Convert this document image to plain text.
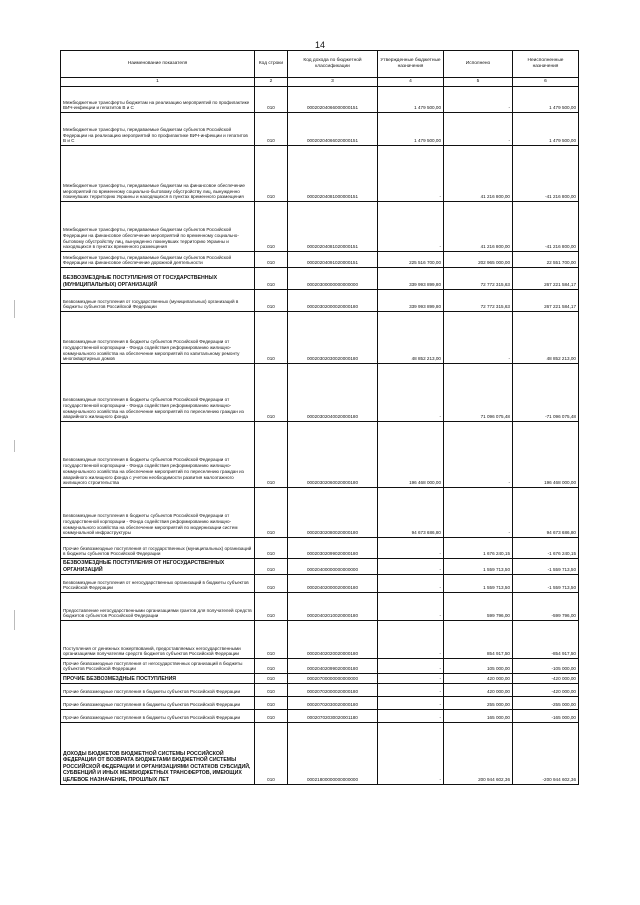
14
Наименование показателя	Код строки	Код дохода по бюджетной классификации	Утвержденные бюджетные назначения	Исполнено	Неисполненные назначения
1	2	3	4	5	6
Межбюджетные трансферты бюджетам на реализацию мероприятий по профилактике ВИЧ-инфекции и гепатитов В и С	010	00020204066000000151	1 479 500,00	-	1 479 500,00
Межбюджетные трансферты, передаваемые бюджетам субъектов Российской Федерации на реализацию мероприятий по профилактике ВИЧ-инфекции и гепатитов В и С	010	00020204066020000151	1 479 500,00	-	1 479 500,00
Межбюджетные трансферты, передаваемые бюджетам на финансовое обеспечение мероприятий по временному социально-бытовому обустройству лиц, вынужденно покинувших территорию Украины и находящихся в пунктах временного размещения	010	00020204081000000151	-	41 216 800,00	-41 216 800,00
Межбюджетные трансферты, передаваемые бюджетам субъектов Российской Федерации на финансовое обеспечение мероприятий по временному социально-бытовому обустройству лиц, вынужденно покинувших территорию Украины и находящихся в пунктах временного размещения	010	00020204081020000151	-	41 216 800,00	-41 216 800,00
Межбюджетные трансферты, передаваемые бюджетам субъектов Российской Федерации на финансовое обеспечение дорожной деятельности	010	00020204091020000151	225 516 700,00	202 965 000,00	22 551 700,00
БЕЗВОЗМЕЗДНЫЕ ПОСТУПЛЕНИЯ ОТ ГОСУДАРСТВЕННЫХ (МУНИЦИПАЛЬНЫХ) ОРГАНИЗАЦИЙ	010	00020300000000000000	339 993 899,80	72 772 315,63	267 221 584,17
Безвозмездные поступления от государственных (муниципальных) организаций в бюджеты субъектов Российской Федерации	010	00020302000020000180	339 993 899,80	72 772 315,63	267 221 584,17
Безвозмездные поступления в бюджеты субъектов Российской Федерации от государственной корпорации - Фонда содействия реформированию жилищно-коммунального хозяйства на обеспечение мероприятий по капитальному ремонту многоквартирных домов	010	00020302030020000180	48 852 213,00	-	48 852 213,00
Безвозмездные поступления в бюджеты субъектов Российской Федерации от государственной корпорации - Фонда содействия реформированию жилищно-коммунального хозяйства на обеспечение мероприятий по переселению граждан из аварийного жилищного фонда	010	00020302040020000180	-	71 096 075,48	-71 096 075,48
Безвозмездные поступления в бюджеты субъектов Российской Федерации от государственной корпорации - Фонда содействия реформированию жилищно-коммунального хозяйства на обеспечение мероприятий по переселению граждан из аварийного жилищного фонда с учетом необходимости развития малоэтажного жилищного строительства	010	00020302060020000180	196 468 000,00	-	196 468 000,00
Безвозмездные поступления в бюджеты субъектов Российской Федерации от государственной корпорации - Фонда содействия реформированию жилищно-коммунального хозяйства на обеспечение мероприятий по модернизации систем коммунальной инфраструктуры	010	00020302080020000180	94 673 686,80	-	94 673 686,80
Прочие безвозмездные поступления от государственных (муниципальных) организаций в бюджеты субъектов Российской Федерации	010	00020302099020000180	-	1 676 240,15	-1 676 240,15
БЕЗВОЗМЕЗДНЫЕ ПОСТУПЛЕНИЯ ОТ НЕГОСУДАРСТВЕННЫХ ОРГАНИЗАЦИЙ	010	00020400000000000000	-	1 559 713,50	-1 559 713,50
Безвозмездные поступления от негосударственных организаций в бюджеты субъектов Российской Федерации	010	00020402000020000180	-	1 559 713,50	-1 559 713,50
Предоставление негосударственными организациями грантов для получателей средств бюджетов субъектов Российской Федерации	010	00020402010020000180	-	599 796,00	-599 796,00
Поступления от денежных пожертвований, предоставляемых негосударственными организациями получателям средств бюджетов субъектов Российской Федерации	010	00020402020020000180	-	854 917,50	-854 917,50
Прочие безвозмездные поступления от негосударственных организаций в бюджеты субъектов Российской Федерации	010	00020402099020000180	-	105 000,00	-105 000,00
ПРОЧИЕ БЕЗВОЗМЕЗДНЫЕ ПОСТУПЛЕНИЯ	010	00020700000000000000	-	420 000,00	-420 000,00
Прочие безвозмездные поступления в бюджеты субъектов Российской Федерации	010	00020702000020000180	-	420 000,00	-420 000,00
Прочие безвозмездные поступления в бюджеты субъектов Российской Федерации	010	00020702030020000180	-	255 000,00	-255 000,00
Прочие безвозмездные поступления в бюджеты субъектов Российской Федерации	010	00020702030020001180	-	165 000,00	-165 000,00
ДОХОДЫ БЮДЖЕТОВ БЮДЖЕТНОЙ СИСТЕМЫ РОССИЙСКОЙ ФЕДЕРАЦИИ ОТ ВОЗВРАТА БЮДЖЕТАМИ БЮДЖЕТНОЙ СИСТЕМЫ РОССИЙСКОЙ ФЕДЕРАЦИИ И ОРГАНИЗАЦИЯМИ ОСТАТКОВ СУБСИДИЙ, СУБВЕНЦИЙ И ИНЫХ МЕЖБЮДЖЕТНЫХ ТРАНСФЕРТОВ, ИМЕЮЩИХ ЦЕЛЕВОЕ НАЗНАЧЕНИЕ, ПРОШЛЫХ ЛЕТ	010	00021800000000000000	-	200 944 602,36	-200 944 602,36
